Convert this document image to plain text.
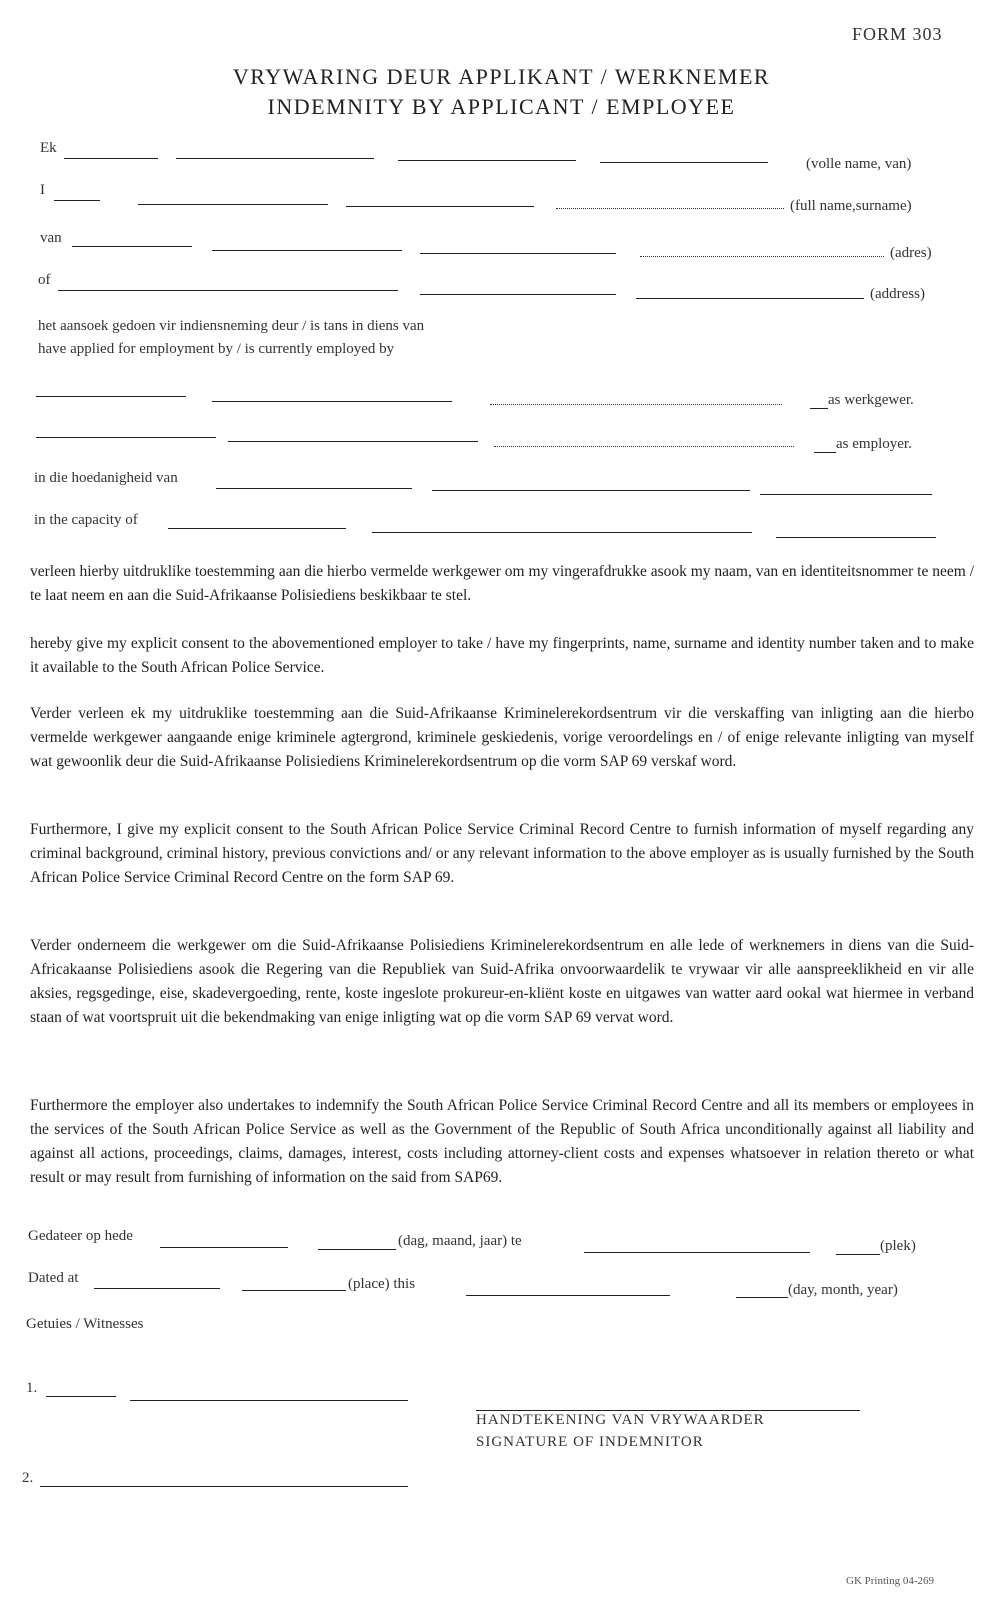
FORM 303
VRYWARING DEUR APPLIKANT / WERKNEMER
INDEMNITY BY APPLICANT / EMPLOYEE
Ek
(volle name, van)
I
(full name,surname)
van
(adres)
of
(address)
het aansoek gedoen vir indiensneming deur / is tans in diens van
have applied for employment by / is currently employed by
as werkgewer.
as employer.
in die hoedanigheid van
in the capacity of
verleen hierby uitdruklike toestemming aan die hierbo vermelde werkgewer om my vingerafdrukke asook my naam, van en identiteitsnommer te neem / te laat neem en aan die Suid-Afrikaanse Polisiediens beskikbaar te stel.
hereby give my explicit consent to the abovementioned employer to take / have my fingerprints, name, surname and identity number taken and to make it available to the South African Police Service.
Verder verleen ek my uitdruklike toestemming aan die Suid-Afrikaanse Kriminelerekordsentrum vir die verskaffing van inligting aan die hierbo vermelde werkgewer aangaande enige kriminele agtergrond, kriminele geskiedenis, vorige veroordelings en / of enige relevante inligting van myself wat gewoonlik deur die Suid-Afrikaanse Polisiediens Kriminelerekordsentrum op die vorm SAP 69 verskaf word.
Furthermore, I give my explicit consent to the South African Police Service Criminal Record Centre to furnish information of myself regarding any criminal background, criminal history, previous convictions and/ or any relevant information to the above employer as is usually furnished by the South African Police Service Criminal Record Centre on the form SAP 69.
Verder onderneem die werkgewer om die Suid-Afrikaanse Polisiediens Kriminelerekordsentrum en alle lede of werknemers in diens van die Suid-Africakaanse Polisiediens asook die Regering van die Republiek van Suid-Afrika onvoorwaardelik te vrywaar vir alle aanspreeklikheid en vir alle aksies, regsgedinge, eise, skadevergoeding, rente, koste ingeslote prokureur-en-kliënt koste en uitgawes van watter aard ookal wat hiermee in verband staan of wat voortspruit uit die bekendmaking van enige inligting wat op die vorm SAP 69 vervat word.
Furthermore the employer also undertakes to indemnify the South African Police Service Criminal Record Centre and all its members or employees in the services of the South African Police Service as well as the Government of the Republic of South Africa unconditionally against all liability and against all actions, proceedings, claims, damages, interest, costs including attorney-client costs and expenses whatsoever in relation thereto or what result or may result from furnishing of information on the said from SAP69.
Gedateer op hede	(dag, maand, jaar) te	(plek)
Dated at	(place) this	(day, month, year)
Getuies / Witnesses
1.
2.
HANDTEKENING VAN VRYWAARDER
SIGNATURE OF INDEMNITOR
GK Printing 04-269
